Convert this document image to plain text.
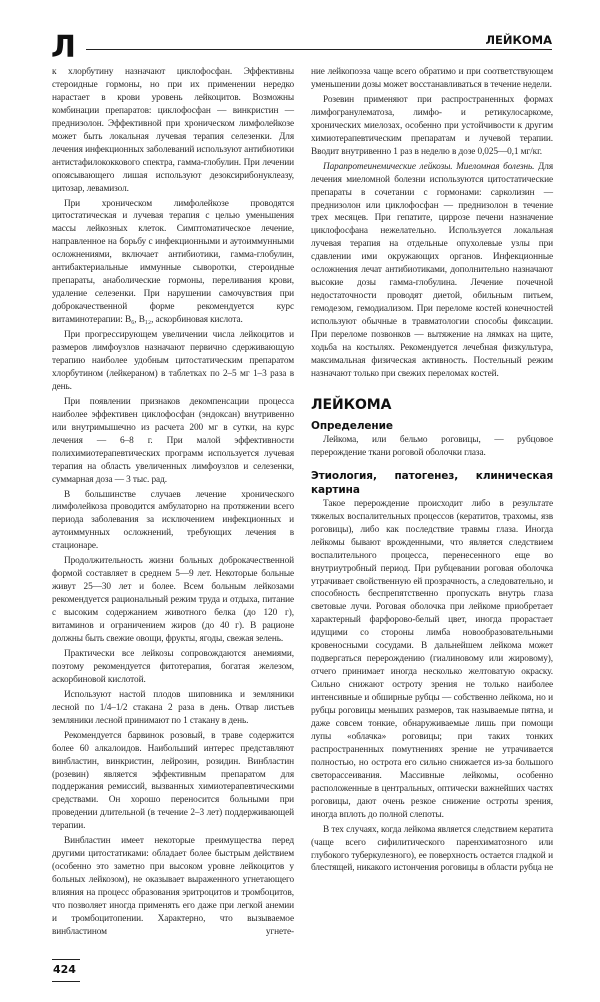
Л	ЛЕЙКОМА

к хлорбутину назначают циклофосфан. Эффективны стероидные гормоны, но при их применении нередко нарастает в крови уровень лейкоцитов. Возможны комбинации препаратов: циклофосфан — винкристин — преднизолон. Эффективной при хроническом лимфолейкозе может быть локальная лучевая терапия селезенки. Для лечения инфекционных заболеваний используют антибиотики антистафилококкового спектра, гамма-глобулин. При лечении опоясывающего лишая используют дезоксирибонуклеазу, цитозар, левамизол.

При хроническом лимфолейкозе проводятся цитостатическая и лучевая терапия с целью уменьшения массы лейкозных клеток. Симптоматическое лечение, направленное на борьбу с инфекционными и аутоиммунными осложнениями, включает антибиотики, гамма-глобулин, антибактериальные иммунные сыворотки, стероидные препараты, анаболические гормоны, переливания крови, удаление селезенки. При нарушении самочувствия при доброкачественной форме рекомендуется курс витаминотерапии: B₆, B₁₂, аскорбиновая кислота.

При прогрессирующем увеличении числа лейкоцитов и размеров лимфоузлов назначают первично сдерживающую терапию наиболее удобным цитостатическим препаратом хлорбутином (лейкераном) в таблетках по 2–5 мг 1–3 раза в день.

При появлении признаков декомпенсации процесса наиболее эффективен циклофосфан (эндоксан) внутривенно или внутримышечно из расчета 200 мг в сутки, на курс лечения — 6–8 г. При малой эффективности полихимиотерапевтических программ используется лучевая терапия на область увеличенных лимфоузлов и селезенки, суммарная доза — 3 тыс. рад.

В большинстве случаев лечение хронического лимфолейкоза проводится амбулаторно на протяжении всего периода заболевания за исключением инфекционных и аутоиммунных осложнений, требующих лечения в стационаре.

Продолжительность жизни больных доброкачественной формой составляет в среднем 5—9 лет. Некоторые больные живут 25—30 лет и более. Всем больным лейкозами рекомендуется рациональный режим труда и отдыха, питание с высоким содержанием животного белка (до 120 г), витаминов и ограничением жиров (до 40 г). В рационе должны быть свежие овощи, фрукты, ягоды, свежая зелень.

Практически все лейкозы сопровождаются анемиями, поэтому рекомендуется фитотерапия, богатая железом, аскорбиновой кислотой.

Используют настой плодов шиповника и земляники лесной по 1/4–1/2 стакана 2 раза в день. Отвар листьев земляники лесной принимают по 1 стакану в день.

Рекомендуется барвинок розовый, в траве содержится более 60 алкалоидов. Наибольший интерес представляют винбластин, винкристин, лейрозин, розидин. Винбластин (розевин) является эффективным препаратом для поддержания ремиссий, вызванных химиотерапевтическими средствами. Он хорошо переносится больными при проведении длительной (в течение 2–3 лет) поддерживающей терапии.

Винбластин имеет некоторые преимущества перед другими цитостатиками: обладает более быстрым действием (особенно это заметно при высоком уровне лейкоцитов у больных лейкозом), не оказывает выраженного угнетающего влияния на процесс образования эритроцитов и тромбоцитов, что позволяет иногда применять его даже при легкой анемии и тромбоцитопении. Характерно, что вызываемое винбластином угнете-

424

ние лейкопоэза чаще всего обратимо и при соответствующем уменьшении дозы может восстанавливаться в течение недели.

Розевин применяют при распространенных формах лимфогранулематоза, лимфо- и ретикулосаркоме, хронических миелозах, особенно при устойчивости к другим химиотерапевтическим препаратам и лучевой терапии. Вводит внутривенно 1 раз в неделю в дозе 0,025—0,1 мг/кг.

Парапротеинемические лейкозы. Миеломная болезнь. Для лечения миеломной болезни используются цитостатические препараты в сочетании с гормонами: сарколизин — преднизолон или циклофосфан — преднизолон в течение трех месяцев. При гепатите, циррозе печени назначение циклофосфана нежелательно. Используется локальная лучевая терапия на отдельные опухолевые узлы при сдавлении ими окружающих органов. Инфекционные осложнения лечат антибиотиками, дополнительно назначают высокие дозы гамма-глобулина. Лечение почечной недостаточности проводят диетой, обильным питьем, гемодезом, гемодиализом. При переломе костей конечностей используют обычные в травматологии способы фиксации. При переломе позвонков — вытяжение на лямках на щите, ходьба на костылях. Рекомендуется лечебная физкультура, максимальная физическая активность. Постельный режим назначают только при свежих переломах костей.

ЛЕЙКОМА
Определение

Лейкома, или бельмо роговицы, — рубцовое перерождение ткани роговой оболочки глаза.

Этиология, патогенез, клиническая картина

Такое перерождение происходит либо в результате тяжелых воспалительных процессов (кератитов, трахомы, язв роговицы), либо как последствие травмы глаза. Иногда лейкомы бывают врожденными, что является следствием воспалительного процесса, перенесенного еще во внутриутробный период. При рубцевании роговая оболочка утрачивает свойственную ей прозрачность, а следовательно, и способность беспрепятственно пропускать внутрь глаза световые лучи. Роговая оболочка при лейкоме приобретает характерный фарфорово-белый цвет, иногда прорастает идущими со стороны лимба новообразовательными кровеносными сосудами. В дальнейшем лейкома может подвергаться перерождению (гиалиновому или жировому), отчего принимает иногда несколько желтоватую окраску. Сильно снижают остроту зрения не только наиболее интенсивные и обширные рубцы — собственно лейкома, но и рубцы роговицы меньших размеров, так называемые пятна, и даже совсем тонкие, обнаруживаемые лишь при помощи лупы «облачка» роговицы; при таких тонких распространенных помутнениях зрение не утрачивается полностью, но острота его сильно снижается из-за большого светорассеивания. Массивные лейкомы, особенно расположенные в центральных, оптически важнейших частях роговицы, дают очень резкое снижение остроты зрения, иногда вплоть до полной слепоты.

В тех случаях, когда лейкома является следствием кератита (чаще всего сифилитического паренхиматозного или глубокого туберкулезного), ее поверхность остается гладкой и блестящей, никакого истончения роговицы в области рубца не
